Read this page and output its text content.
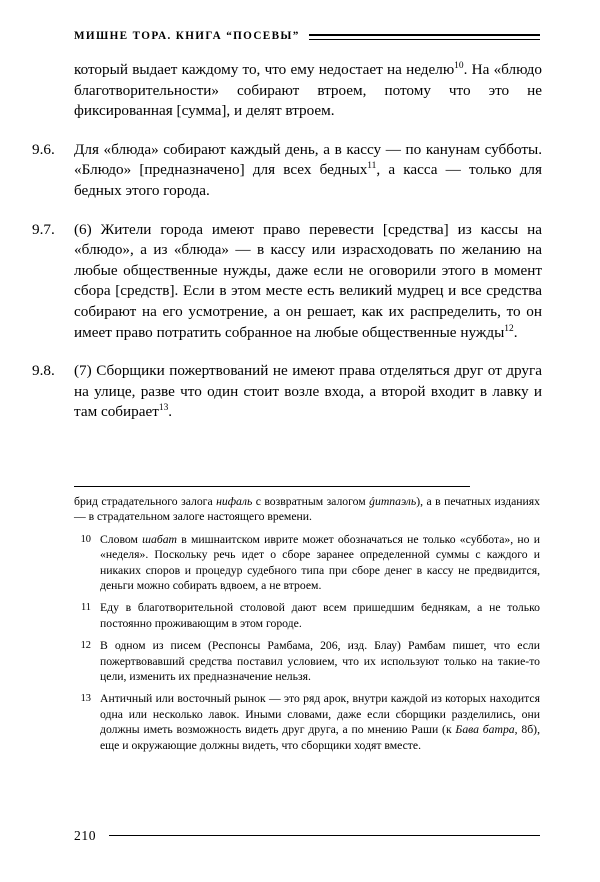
МИШНЕ ТОРА. КНИГА “ПОСЕВЫ”
который выдает каждому то, что ему недостает на неделю$^{10}$. На «блюдо благотворительности» собирают втроем, потому что это не фиксированная [сумма], и делят втроем.
9.6.	Для «блюда» собирают каждый день, а в кассу — по канунам субботы. «Блюдо» [предназначено] для всех бедных$^{11}$, а касса — только для бедных этого города.
9.7.	(6) Жители города имеют право перевести [средства] из кассы на «блюдо», а из «блюда» — в кассу или израсходовать по желанию на любые общественные нужды, даже если не оговорили этого в момент сбора [средств]. Если в этом месте есть великий мудрец и все средства собирают на его усмотрение, а он решает, как их распределить, то он имеет право потратить собранное на любые общественные нужды$^{12}$.
9.8.	(7) Сборщики пожертвований не имеют права отделяться друг от друга на улице, разве что один стоит возле входа, а второй входит в лавку и там собирает$^{13}$.
брид страдательного залога нифаль с возвратным залогом ǵитпаэль), а в печатных изданиях — в страдательном залоге настоящего времени.
10 Словом шабат в мишнаитском иврите может обозначаться не только «суббота», но и «неделя». Поскольку речь идет о сборе заранее определенной суммы с каждого и никаких споров и процедур судебного типа при сборе денег в кассу не предвидится, деньги можно собирать вдвоем, а не втроем.
11 Еду в благотворительной столовой дают всем пришедшим беднякам, а не только постоянно проживающим в этом городе.
12 В одном из писем (Респонсы Рамбама, 206, изд. Блау) Рамбам пишет, что если пожертвовавший средства поставил условием, что их используют только на такие-то цели, изменить их предназначение нельзя.
13 Античный или восточный рынок — это ряд арок, внутри каждой из которых находится одна или несколько лавок. Иными словами, даже если сборщики разделились, они должны иметь возможность видеть друг друга, а по мнению Раши (к Бава батра, 8б), еще и окружающие должны видеть, что сборщики ходят вместе.
210
